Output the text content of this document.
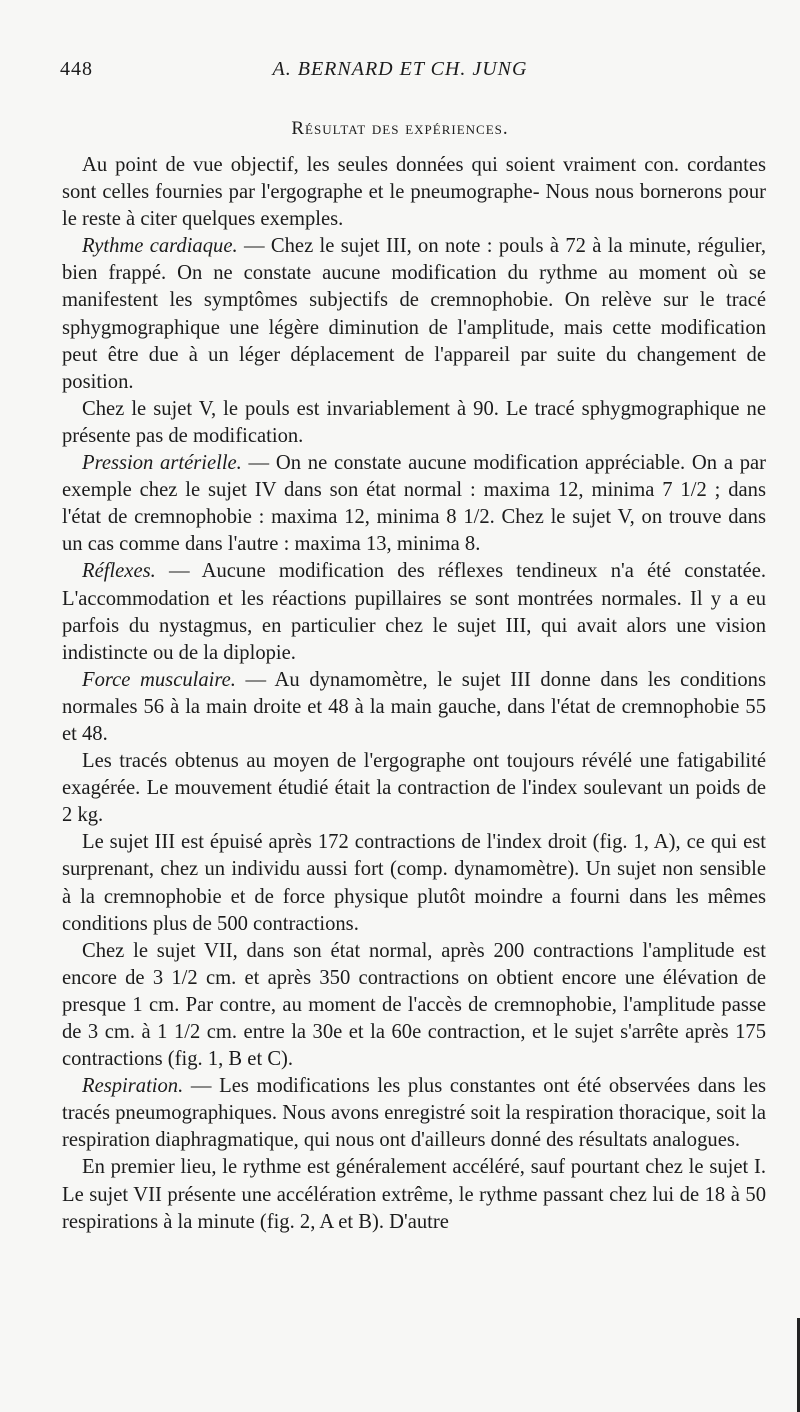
448	A. BERNARD ET CH. JUNG
Résultat des expériences.

Au point de vue objectif, les seules données qui soient vraiment con. cordantes sont celles fournies par l'ergographe et le pneumographe- Nous nous bornerons pour le reste à citer quelques exemples.

Rythme cardiaque. — Chez le sujet III, on note : pouls à 72 à la minute, régulier, bien frappé. On ne constate aucune modification du rythme au moment où se manifestent les symptômes subjectifs de cremnophobie. On relève sur le tracé sphygmographique une légère diminution de l'amplitude, mais cette modification peut être due à un léger déplacement de l'appareil par suite du changement de position.

Chez le sujet V, le pouls est invariablement à 90. Le tracé sphygmographique ne présente pas de modification.

Pression artérielle. — On ne constate aucune modification appréciable. On a par exemple chez le sujet IV dans son état normal : maxima 12, minima 7 1/2 ; dans l'état de cremnophobie : maxima 12, minima 8 1/2. Chez le sujet V, on trouve dans un cas comme dans l'autre : maxima 13, minima 8.

Réflexes. — Aucune modification des réflexes tendineux n'a été constatée. L'accommodation et les réactions pupillaires se sont montrées normales. Il y a eu parfois du nystagmus, en particulier chez le sujet III, qui avait alors une vision indistincte ou de la diplopie.

Force musculaire. — Au dynamomètre, le sujet III donne dans les conditions normales 56 à la main droite et 48 à la main gauche, dans l'état de cremnophobie 55 et 48.

Les tracés obtenus au moyen de l'ergographe ont toujours révélé une fatigabilité exagérée. Le mouvement étudié était la contraction de l'index soulevant un poids de 2 kg.

Le sujet III est épuisé après 172 contractions de l'index droit (fig. 1, A), ce qui est surprenant, chez un individu aussi fort (comp. dynamomètre). Un sujet non sensible à la cremnophobie et de force physique plutôt moindre a fourni dans les mêmes conditions plus de 500 contractions.

Chez le sujet VII, dans son état normal, après 200 contractions l'amplitude est encore de 3 1/2 cm. et après 350 contractions on obtient encore une élévation de presque 1 cm. Par contre, au moment de l'accès de cremnophobie, l'amplitude passe de 3 cm. à 1 1/2 cm. entre la 30e et la 60e contraction, et le sujet s'arrête après 175 contractions (fig. 1, B et C).

Respiration. — Les modifications les plus constantes ont été observées dans les tracés pneumographiques. Nous avons enregistré soit la respiration thoracique, soit la respiration diaphragmatique, qui nous ont d'ailleurs donné des résultats analogues.

En premier lieu, le rythme est généralement accéléré, sauf pourtant chez le sujet I. Le sujet VII présente une accélération extrême, le rythme passant chez lui de 18 à 50 respirations à la minute (fig. 2, A et B). D'autre
